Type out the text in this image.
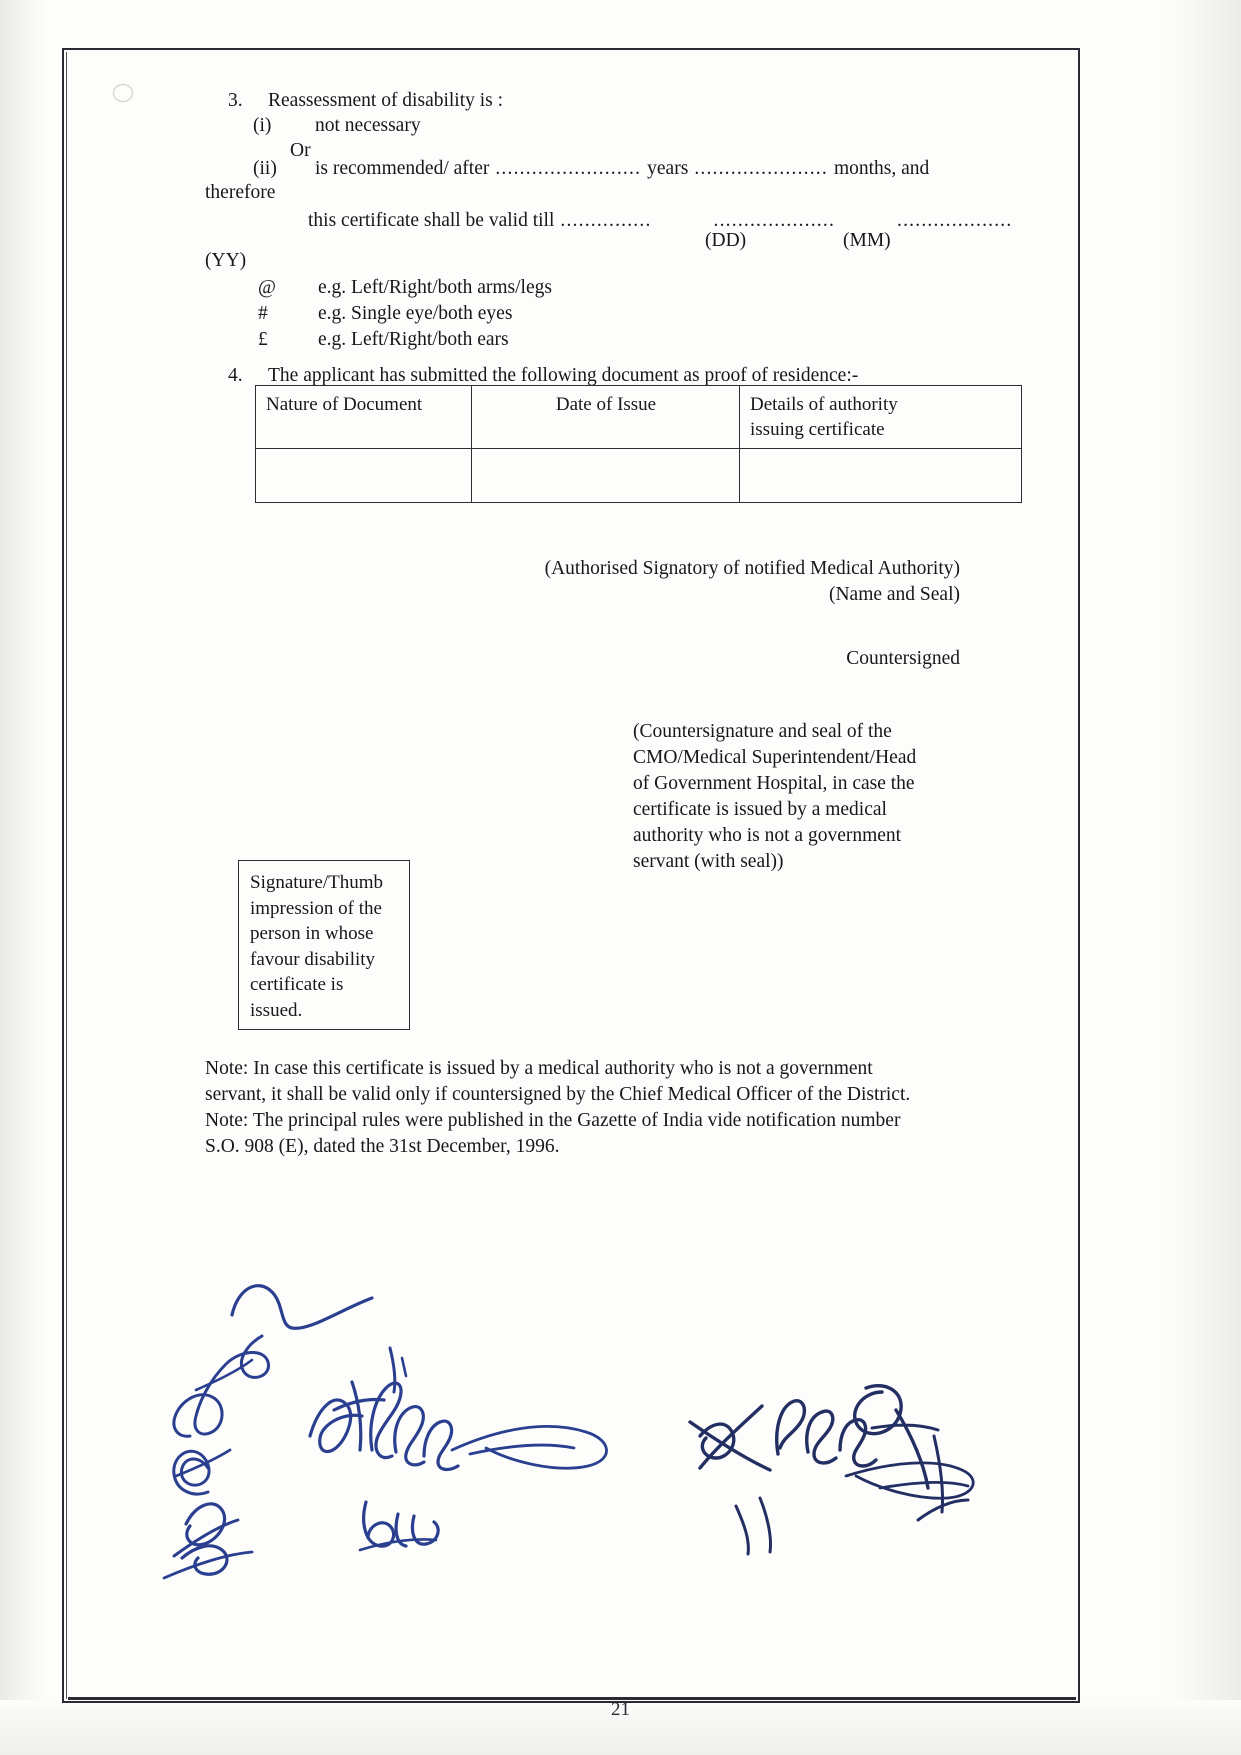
3.	Reassessment of disability is :
(i)	not necessary
Or
(ii)	is recommended/ after ........................ years ...................... months, and
therefore
this certificate shall be valid till ...............	....................	...................
(DD)	(MM)
(YY)
@	e.g. Left/Right/both arms/legs
#	e.g. Single eye/both eyes
£	e.g. Left/Right/both ears
4.	The applicant has submitted the following document as proof of residence:-
Nature of Document	Date of Issue	Details of authority
issuing certificate

(Authorised Signatory of notified Medical Authority)
(Name and Seal)
Countersigned
(Countersignature and seal of the
CMO/Medical Superintendent/Head
of Government Hospital, in case the
certificate is issued by a medical
authority who is not a government
servant (with seal))
Signature/Thumb
impression of the
person in whose
favour disability
certificate is
issued.
Note: In case this certificate is issued by a medical authority who is not a government
servant, it shall be valid only if countersigned by the Chief Medical Officer of the District.
Note: The principal rules were published in the Gazette of India vide notification number
S.O. 908 (E), dated the 31st December, 1996.
21
